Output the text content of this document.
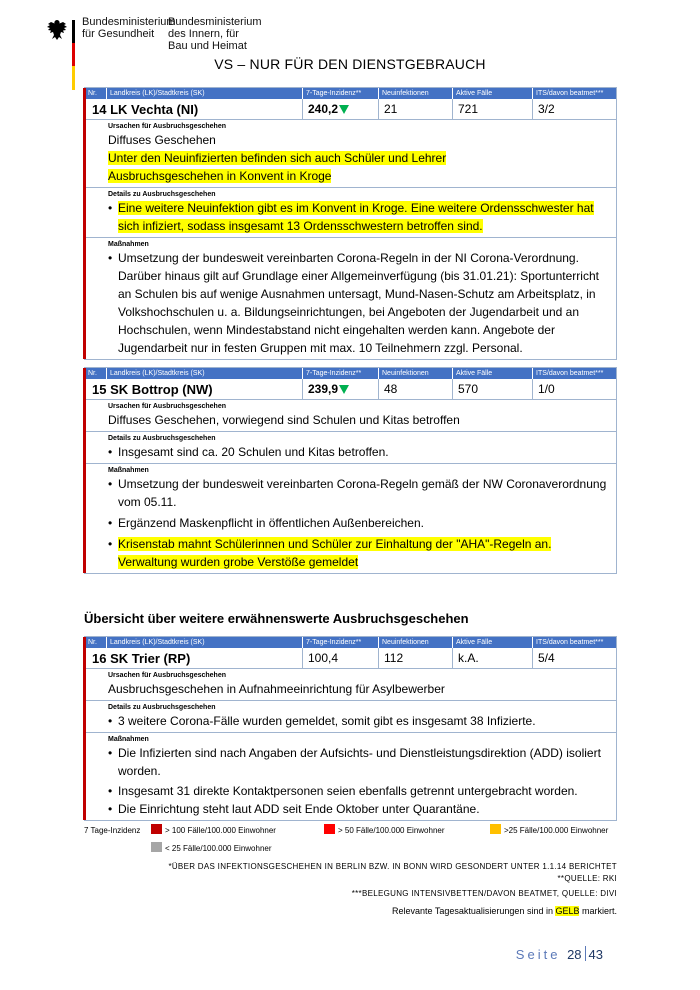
Bundesministerium für Gesundheit
Bundesministerium des Innern, für Bau und Heimat
VS – NUR FÜR DEN DIENSTGEBRAUCH
Nr.	Landkreis (LK)/Stadtkreis (SK)	7-Tage-Inzidenz**	Neuinfektionen	Aktive Fälle	ITS/davon beatmet***
14 LK Vechta (NI)	240,2	21	721	3/2
Ursachen für Ausbruchsgeschehen
Diffuses Geschehen
Unter den Neuinfizierten befinden sich auch Schüler und Lehrer
Ausbruchsgeschehen in Konvent in Kroge
Details zu Ausbruchsgeschehen
• Eine weitere Neuinfektion gibt es im Konvent in Kroge. Eine weitere Ordensschwester hat sich infiziert, sodass insgesamt 13 Ordensschwestern betroffen sind.
Maßnahmen
• Umsetzung der bundesweit vereinbarten Corona-Regeln in der NI Corona-Verordnung. Darüber hinaus gilt auf Grundlage einer Allgemeinverfügung (bis 31.01.21): Sportunterricht an Schulen bis auf wenige Ausnahmen untersagt, Mund-Nasen-Schutz am Arbeitsplatz, in Volkshochschulen u. a. Bildungseinrichtungen, bei Angeboten der Jugendarbeit und an Hochschulen, wenn Mindestabstand nicht eingehalten werden kann. Angebote der Jugendarbeit nur in festen Gruppen mit max. 10 Teilnehmern zzgl. Personal.
Nr.	Landkreis (LK)/Stadtkreis (SK)	7-Tage-Inzidenz**	Neuinfektionen	Aktive Fälle	ITS/davon beatmet***
15 SK Bottrop (NW)	239,9	48	570	1/0
Ursachen für Ausbruchsgeschehen
Diffuses Geschehen, vorwiegend sind Schulen und Kitas betroffen
Details zu Ausbruchsgeschehen
• Insgesamt sind ca. 20 Schulen und Kitas betroffen.
Maßnahmen
• Umsetzung der bundesweit vereinbarten Corona-Regeln gemäß der NW Coronaverordnung vom 05.11.
• Ergänzend Maskenpflicht in öffentlichen Außenbereichen.
• Krisenstab mahnt Schülerinnen und Schüler zur Einhaltung der "AHA"-Regeln an. Verwaltung wurden grobe Verstöße gemeldet
Übersicht über weitere erwähnenswerte Ausbruchsgeschehen
Nr.	Landkreis (LK)/Stadtkreis (SK)	7-Tage-Inzidenz**	Neuinfektionen	Aktive Fälle	ITS/davon beatmet***
16 SK Trier (RP)	100,4	112	k.A.	5/4
Ursachen für Ausbruchsgeschehen
Ausbruchsgeschehen in Aufnahmeeinrichtung für Asylbewerber
Details zu Ausbruchsgeschehen
• 3 weitere Corona-Fälle wurden gemeldet, somit gibt es insgesamt 38 Infizierte.
Maßnahmen
• Die Infizierten sind nach Angaben der Aufsichts- und Dienstleistungsdirektion (ADD) isoliert worden.
• Insgesamt 31 direkte Kontaktpersonen seien ebenfalls getrennt untergebracht worden.
• Die Einrichtung steht laut ADD seit Ende Oktober unter Quarantäne.
7 Tage-Inzidenz	> 100 Fälle/100.000 Einwohner	> 50 Fälle/100.000 Einwohner	>25 Fälle/100.000 Einwohner
< 25 Fälle/100.000 Einwohner
*ÜBER DAS INFEKTIONSGESCHEHEN IN BERLIN BZW. IN BONN WIRD GESONDERT UNTER 1.1.14 BERICHTET
**QUELLE: RKI
***BELEGUNG INTENSIVBETTEN/DAVON BEATMET, QUELLE: DIVI
Relevante Tagesaktualisierungen sind in GELB markiert.
Seite 28 43
